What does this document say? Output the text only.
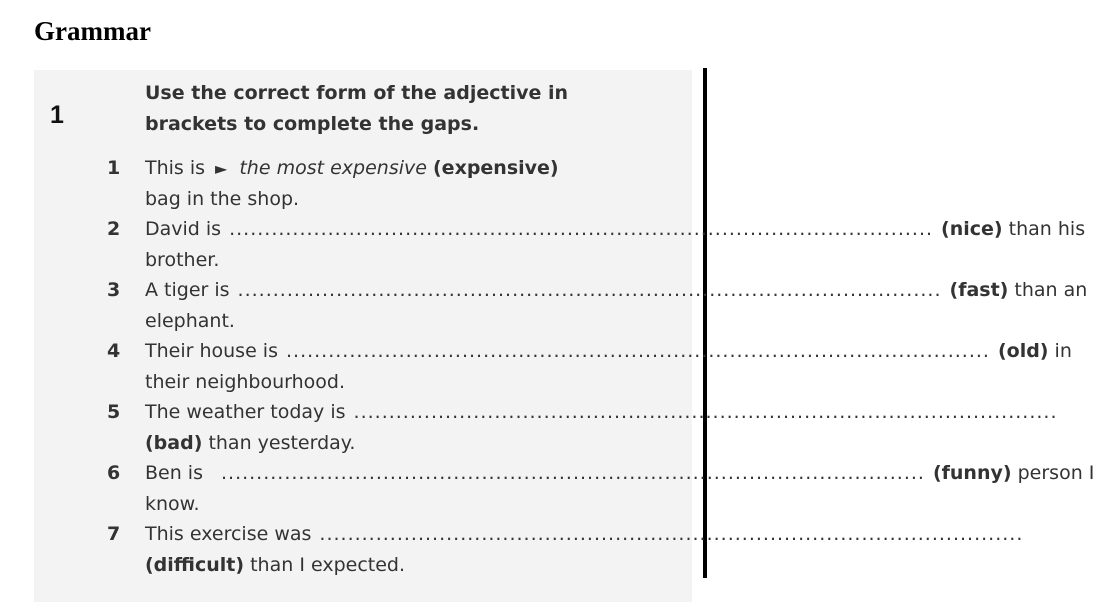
Grammar
1
Use the correct form of the adjective in
brackets to complete the gaps.
1 This is ► the most expensive
(expensive)
bag in the shop.
2 David is .................................................................................................... (nice)
than his
brother.
3 A tiger is .................................................................................................... (fast)
than an
elephant.
4 Their house is .................................................................................................... (old)
in
their neighbourhood.
5 The weather today is ....................................................................................................
(bad)
than yesterday.
6 Ben is .................................................................................................... (funny)
person I
know.
7 This exercise was ....................................................................................................
(difficult)
than I expected.
